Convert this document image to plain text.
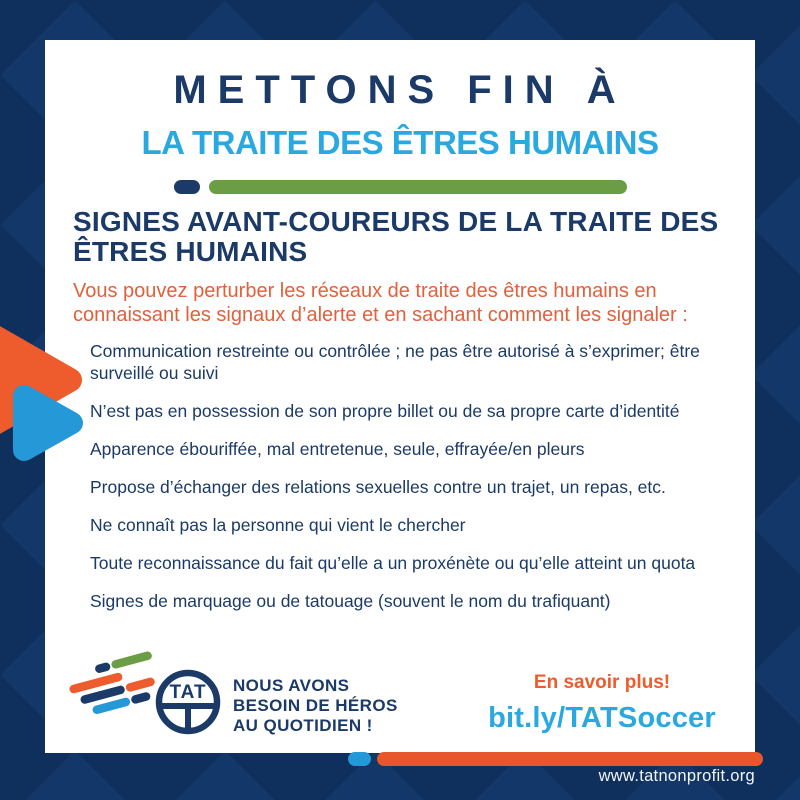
METTONS FIN À
LA TRAITE DES ÊTRES HUMAINS
SIGNES AVANT-COUREURS DE LA TRAITE DES ÊTRES HUMAINS
Vous pouvez perturber les réseaux de traite des êtres humains en connaissant les signaux d’alerte et en sachant comment les signaler :
Communication restreinte ou contrôlée ; ne pas être autorisé à s’exprimer; être surveillé ou suivi
N’est pas en possession de son propre billet ou de sa propre carte d’identité
Apparence ébouriffée, mal entretenue, seule, effrayée/en pleurs
Propose d’échanger des relations sexuelles contre un trajet, un repas, etc.
Ne connaît pas la personne qui vient le chercher
Toute reconnaissance du fait qu’elle a un proxénète ou qu’elle atteint un quota
Signes de marquage ou de tatouage (souvent le nom du trafiquant)
TAT NOUS AVONS
BESOIN DE HÉROS
AU QUOTIDIEN !
En savoir plus!
bit.ly/TATSoccer
www.tatnonprofit.org
